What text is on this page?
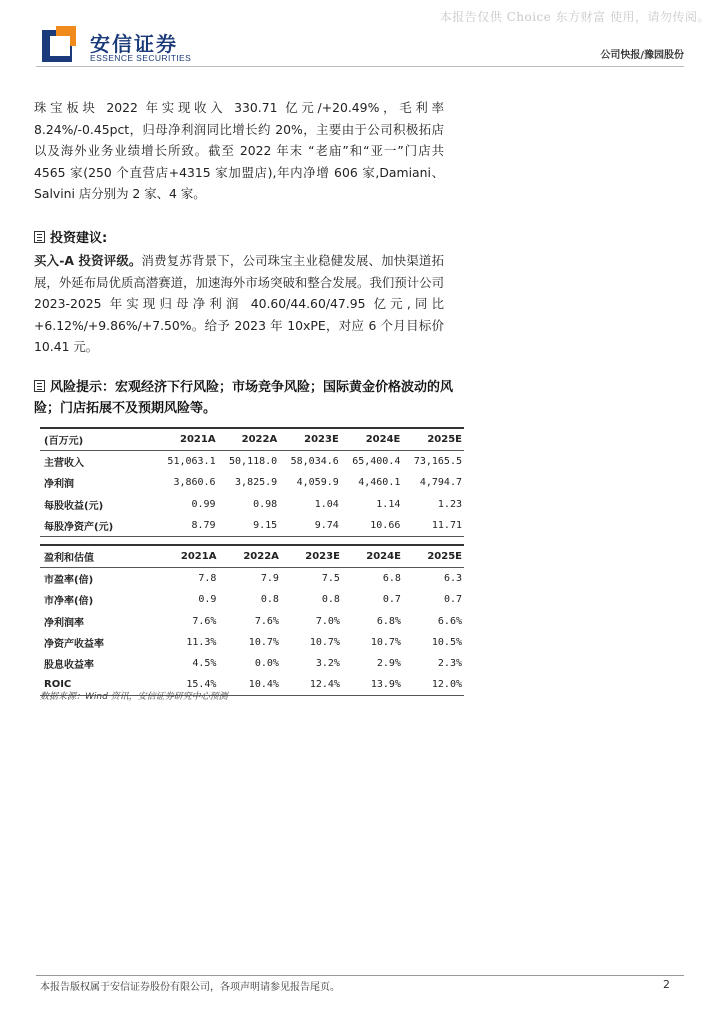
本报告仅供 Choice 东方财富 使用，请勿传阅。
安信证券
ESSENCE SECURITIES	公司快报/豫园股份
珠宝板块 2022 年实现收入 330.71 亿元/+20.49%，毛利率 8.24%/-0.45pct，归母净利润同比增长约 20%，主要由于公司积极拓店以及海外业务业绩增长所致。截至 2022 年末 “老庙”和“亚一”门店共 4565 家(250 个直营店+4315 家加盟店),年内净增 606 家,Damiani、Salvini 店分别为 2 家、4 家。
投资建议:
买入-A 投资评级。消费复苏背景下，公司珠宝主业稳健发展、加快渠道拓展，外延布局优质高潜赛道，加速海外市场突破和整合发展。我们预计公司 2023-2025 年实现归母净利润 40.60/44.60/47.95 亿元,同比+6.12%/+9.86%/+7.50%。给予 2023 年 10xPE，对应 6 个月目标价 10.41 元。
风险提示：宏观经济下行风险；市场竞争风险；国际黄金价格波动的风险；门店拓展不及预期风险等。
(百万元)	2021A	2022A	2023E	2024E	2025E
主营收入	51,063.1	50,118.0	58,034.6	65,400.4	73,165.5
净利润	3,860.6	3,825.9	4,059.9	4,460.1	4,794.7
每股收益(元)	0.99	0.98	1.04	1.14	1.23
每股净资产(元)	8.79	9.15	9.74	10.66	11.71
盈利和估值	2021A	2022A	2023E	2024E	2025E
市盈率(倍)	7.8	7.9	7.5	6.8	6.3
市净率(倍)	0.9	0.8	0.8	0.7	0.7
净利润率	7.6%	7.6%	7.0%	6.8%	6.6%
净资产收益率	11.3%	10.7%	10.7%	10.7%	10.5%
股息收益率	4.5%	0.0%	3.2%	2.9%	2.3%
ROIC	15.4%	10.4%	12.4%	13.9%	12.0%
数据来源：Wind 资讯，安信证券研究中心预测
本报告版权属于安信证券股份有限公司，各项声明请参见报告尾页。	2
